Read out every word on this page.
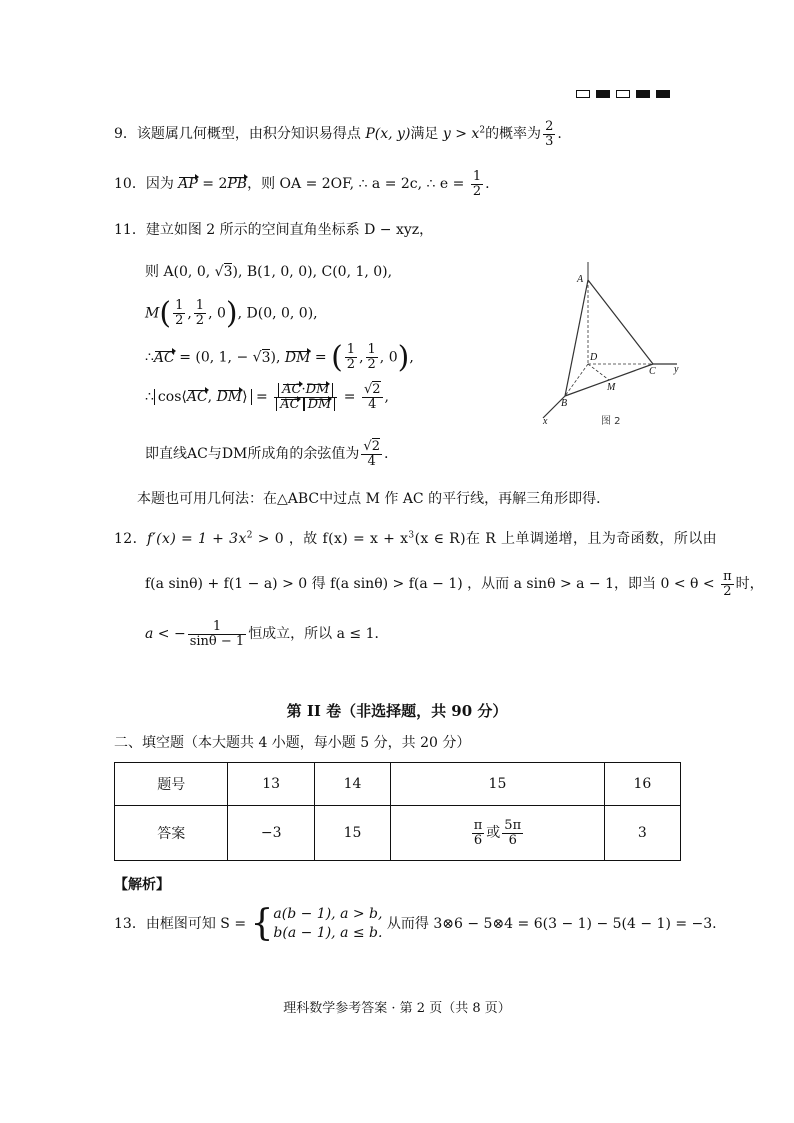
9．该题属几何概型，由积分知识易得点 P(x, y)满足 $y > x^2$的概率为 $\frac{2}{3}$ .
10．因为 AP = 2PB，则 OA = 2OF, ∴ a = 2c, ∴ $e = \frac{1}{2}$ .
11．建立如图 2 所示的空间直角坐标系 D − xyz，
则 A(0, 0, √3), B(1, 0, 0), C(0, 1, 0),
$M( \frac{1}{2}$ , $\frac{1}{2}$ , 0), D(0, 0, 0),
∴AC = (0, 1, − √3), DM = ( $\frac{1}{2}$ , $\frac{1}{2}$ , 0),
∴ cos⟨AC, DM⟩ = $\frac{AC\cdot DM}{\text{AC DM}} = \frac{√2}{4}$ ,
即直线AC与DM所成角的余弦值为 $\frac{√2}{4}$ .
本题也可用几何法：在△ABC中过点 M 作 AC 的平行线，再解三角形即得．
A
B
C
D
M
x
y
图 2
12．$f'(x) = 1 + 3x^2 > 0$ ，故 $f(x) = x + x^3(x$ ∈ R)在 R 上单调递增，且为奇函数，所以由
f(a sinθ) + f(1 − a) > 0 得 f(a sinθ) > f(a − 1) ，从而 a sinθ > a − 1，即当 $0 < \theta < \frac{\pi}{2}$ 时，
a < − $\frac{1}{\sin\theta - 1}$ 恒成立，所以 a ≤ 1．
第 II 卷（非选择题，共 90 分）
二、填空题（本大题共 4 小题，每小题 5 分，共 20 分）
题号	13	14	15	16
答案	−3	15	$\frac{\pi}{6}$ 或 $\frac{5\pi}{6}$	3
【解析】
13．由框图可知 S = { a(b − 1), a > b,
b(a − 1), a ≤ b.
从而得 3⊗6 − 5⊗4 = 6(3 − 1) − 5(4 − 1) = −3.
理科数学参考答案 · 第 2 页（共 8 页）
